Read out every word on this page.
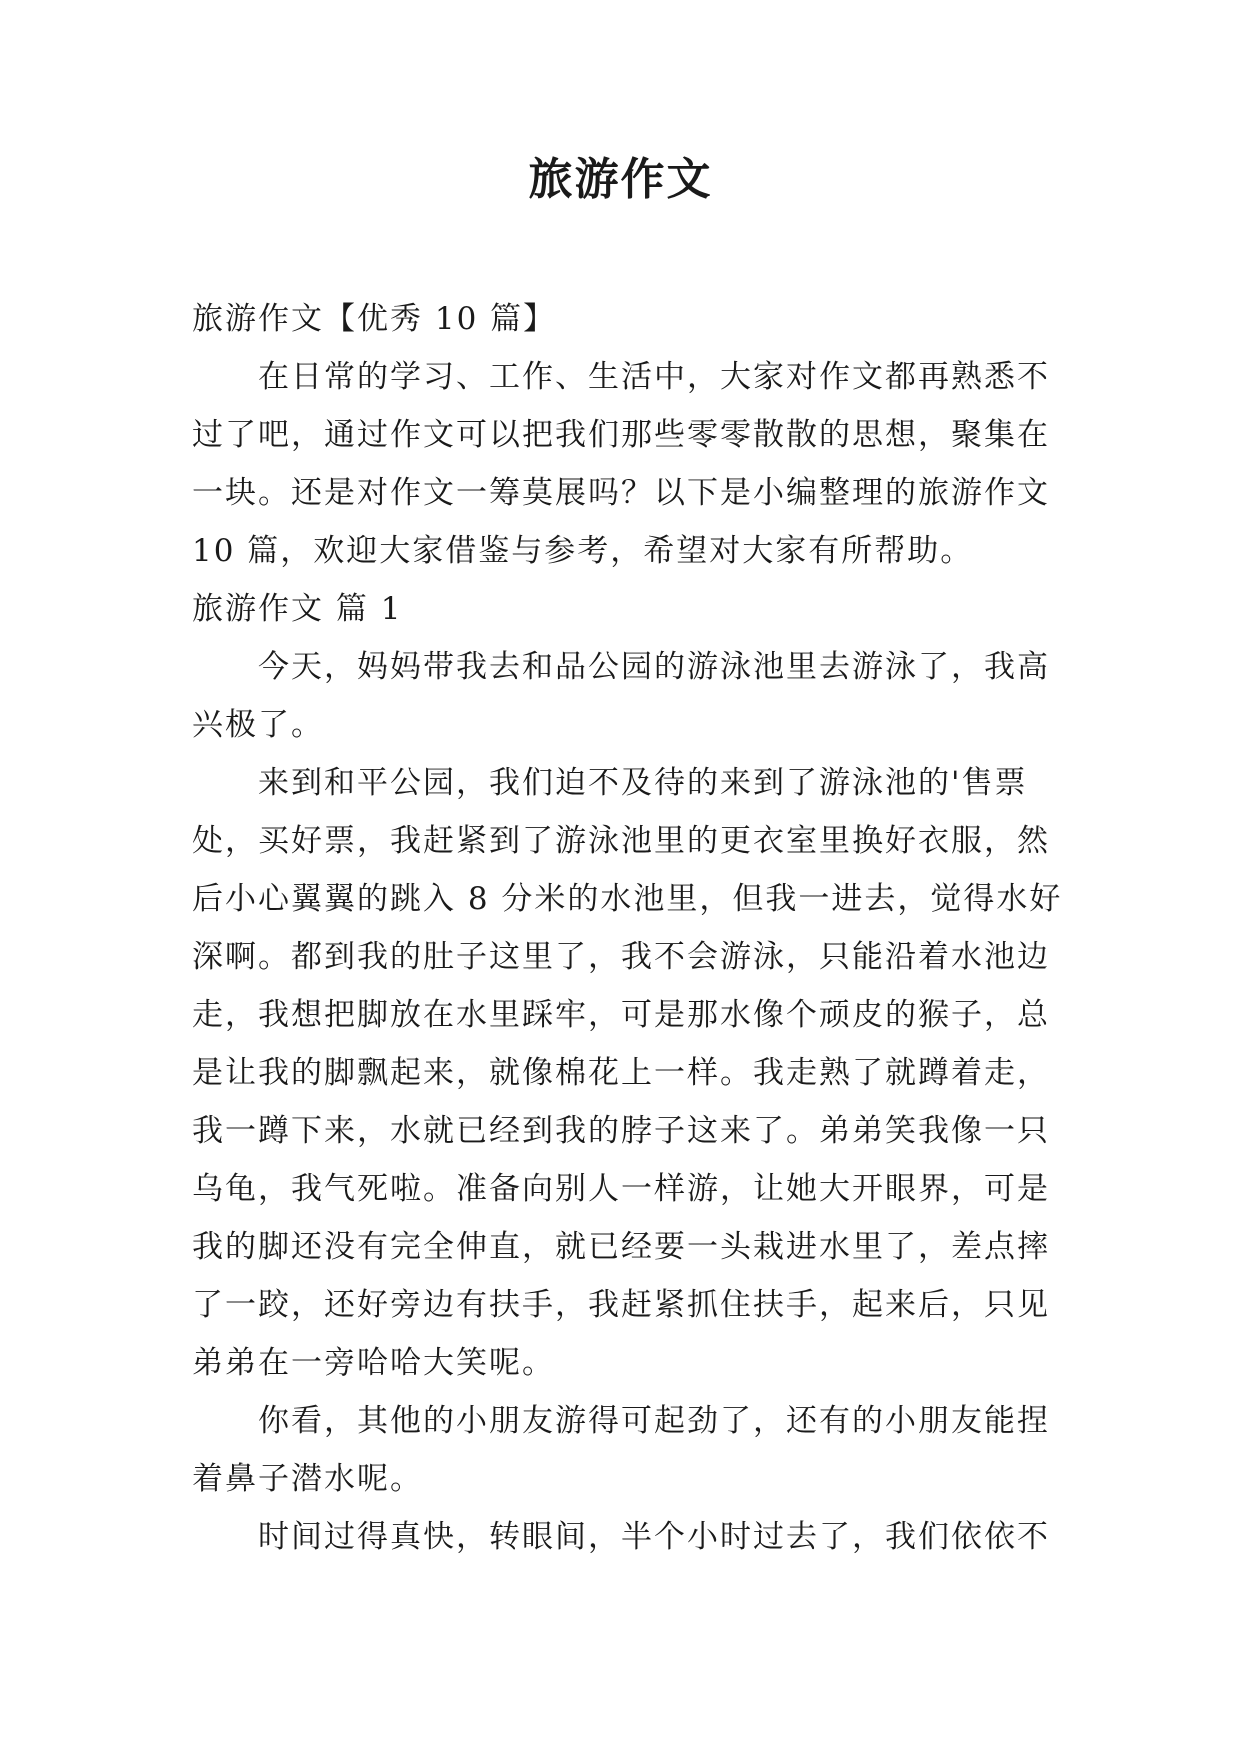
旅游作文
旅游作文【优秀 10 篇】
在日常的学习、工作、生活中，大家对作文都再熟悉不
过了吧，通过作文可以把我们那些零零散散的思想，聚集在
一块。还是对作文一筹莫展吗？以下是小编整理的旅游作文
10 篇，欢迎大家借鉴与参考，希望对大家有所帮助。
旅游作文 篇 1
今天，妈妈带我去和品公园的游泳池里去游泳了，我高
兴极了。
来到和平公园，我们迫不及待的来到了游泳池的'售票
处，买好票，我赶紧到了游泳池里的更衣室里换好衣服，然
后小心翼翼的跳入 8 分米的水池里，但我一进去，觉得水好
深啊。都到我的肚子这里了，我不会游泳，只能沿着水池边
走，我想把脚放在水里踩牢，可是那水像个顽皮的猴子，总
是让我的脚飘起来，就像棉花上一样。我走熟了就蹲着走，
我一蹲下来，水就已经到我的脖子这来了。弟弟笑我像一只
乌龟，我气死啦。准备向别人一样游，让她大开眼界，可是
我的脚还没有完全伸直，就已经要一头栽进水里了，差点摔
了一跤，还好旁边有扶手，我赶紧抓住扶手，起来后，只见
弟弟在一旁哈哈大笑呢。
你看，其他的小朋友游得可起劲了，还有的小朋友能捏
着鼻子潜水呢。
时间过得真快，转眼间，半个小时过去了，我们依依不
